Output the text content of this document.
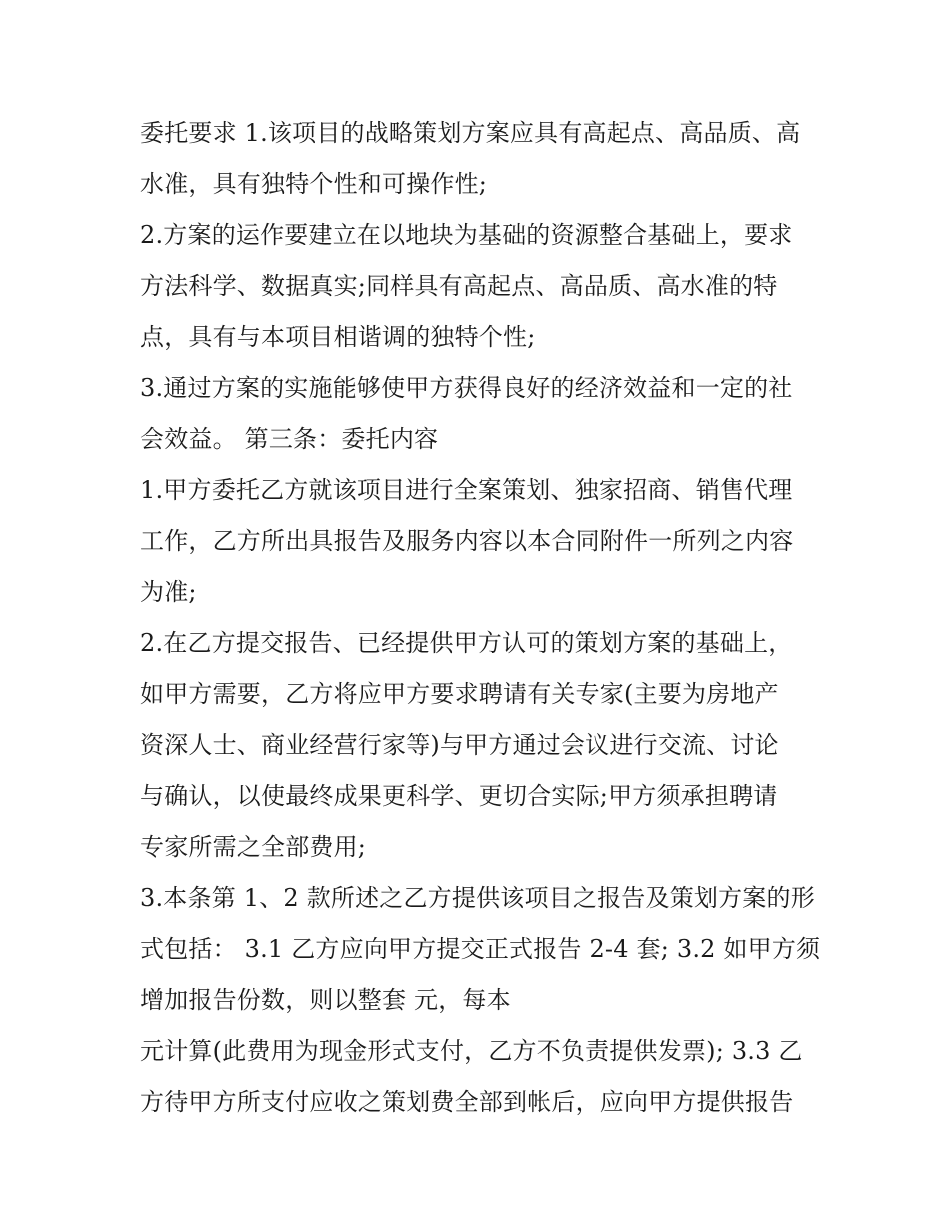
委托要求 1.该项目的战略策划方案应具有高起点、高品质、高
水准，具有独特个性和可操作性;
2.方案的运作要建立在以地块为基础的资源整合基础上，要求
方法科学、数据真实;同样具有高起点、高品质、高水准的特
点，具有与本项目相谐调的独特个性;
3.通过方案的实施能够使甲方获得良好的经济效益和一定的社
会效益。 第三条：委托内容
1.甲方委托乙方就该项目进行全案策划、独家招商、销售代理
工作，乙方所出具报告及服务内容以本合同附件一所列之内容
为准;
2.在乙方提交报告、已经提供甲方认可的策划方案的基础上，
如甲方需要，乙方将应甲方要求聘请有关专家(主要为房地产
资深人士、商业经营行家等)与甲方通过会议进行交流、讨论
与确认，以使最终成果更科学、更切合实际;甲方须承担聘请
专家所需之全部费用;
3.本条第 1、2 款所述之乙方提供该项目之报告及策划方案的形
式包括： 3.1 乙方应向甲方提交正式报告 2-4 套; 3.2 如甲方须
增加报告份数，则以整套 元，每本
元计算(此费用为现金形式支付，乙方不负责提供发票); 3.3 乙
方待甲方所支付应收之策划费全部到帐后，应向甲方提供报告
